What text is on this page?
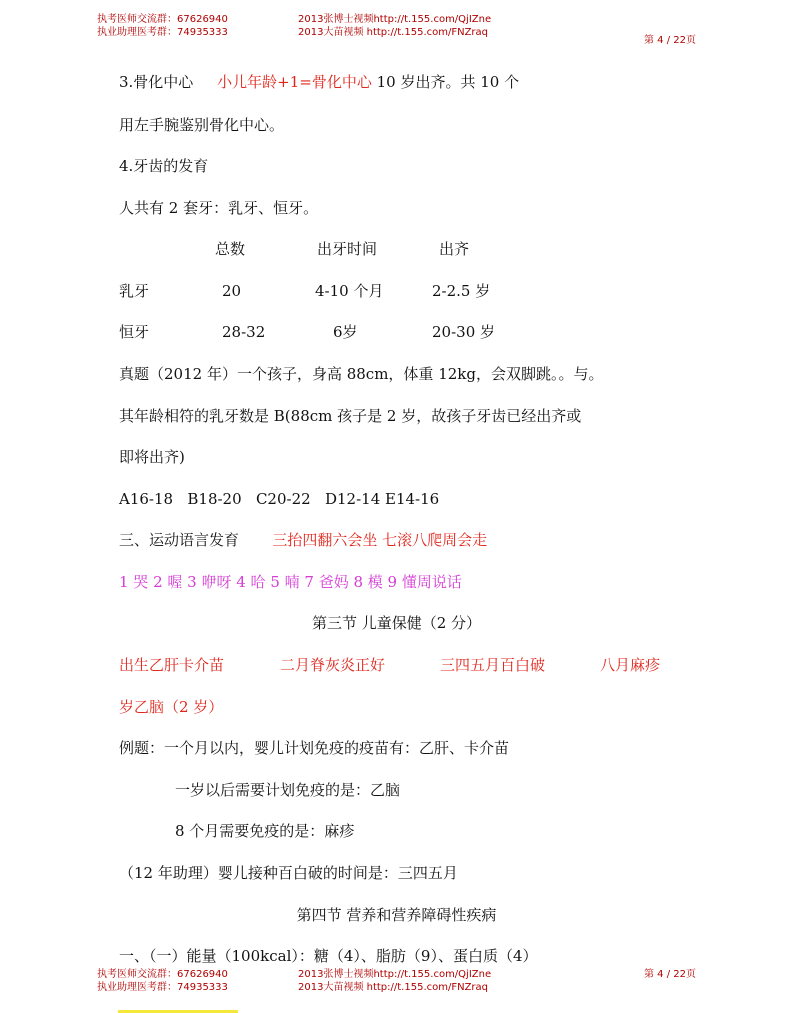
执考医师交流群：67626940
执业助理医考群：74935333
2013张博士视频http://t.155.com/QjIZne
2013大苗视频 http://t.155.com/FNZraq
第 4 / 22页
3.骨化中心 小儿年龄+1=骨化中心 10 岁出齐。共 10 个
用左手腕鉴别骨化中心。
4.牙齿的发育
人共有 2 套牙：乳牙、恒牙。
总数	出牙时间	出齐
乳牙	20	4-10 个月	2-2.5 岁
恒牙	28-32	6岁	20-30 岁
真题（2012 年）一个孩子，身高 88cm，体重 12kg，会双脚跳。。与。
其年龄相符的乳牙数是 B(88cm 孩子是 2 岁，故孩子牙齿已经出齐或
即将出齐)
A16-18   B18-20   C20-22   D12-14 E14-16
三、运动语言发育 三抬四翻六会坐 七滚八爬周会走
1 哭 2 喔 3 咿呀 4 哈 5 喃 7 爸妈 8 模 9 懂周说话
第三节 儿童保健（2 分）
出生乙肝卡介苗	二月脊灰炎正好	三四五月百白破	八月麻疹
岁乙脑（2 岁）
例题：一个月以内，婴儿计划免疫的疫苗有：乙肝、卡介苗
一岁以后需要计划免疫的是：乙脑
8 个月需要免疫的是：麻疹
（12 年助理）婴儿接种百白破的时间是：三四五月
第四节 营养和营养障碍性疾病
一、（一）能量（100kcal）：糖（4）、脂肪（9）、蛋白质（4）
执考医师交流群：67626940
执业助理医考群：74935333
2013张博士视频http://t.155.com/QjIZne
2013大苗视频 http://t.155.com/FNZraq
第 4 / 22页
